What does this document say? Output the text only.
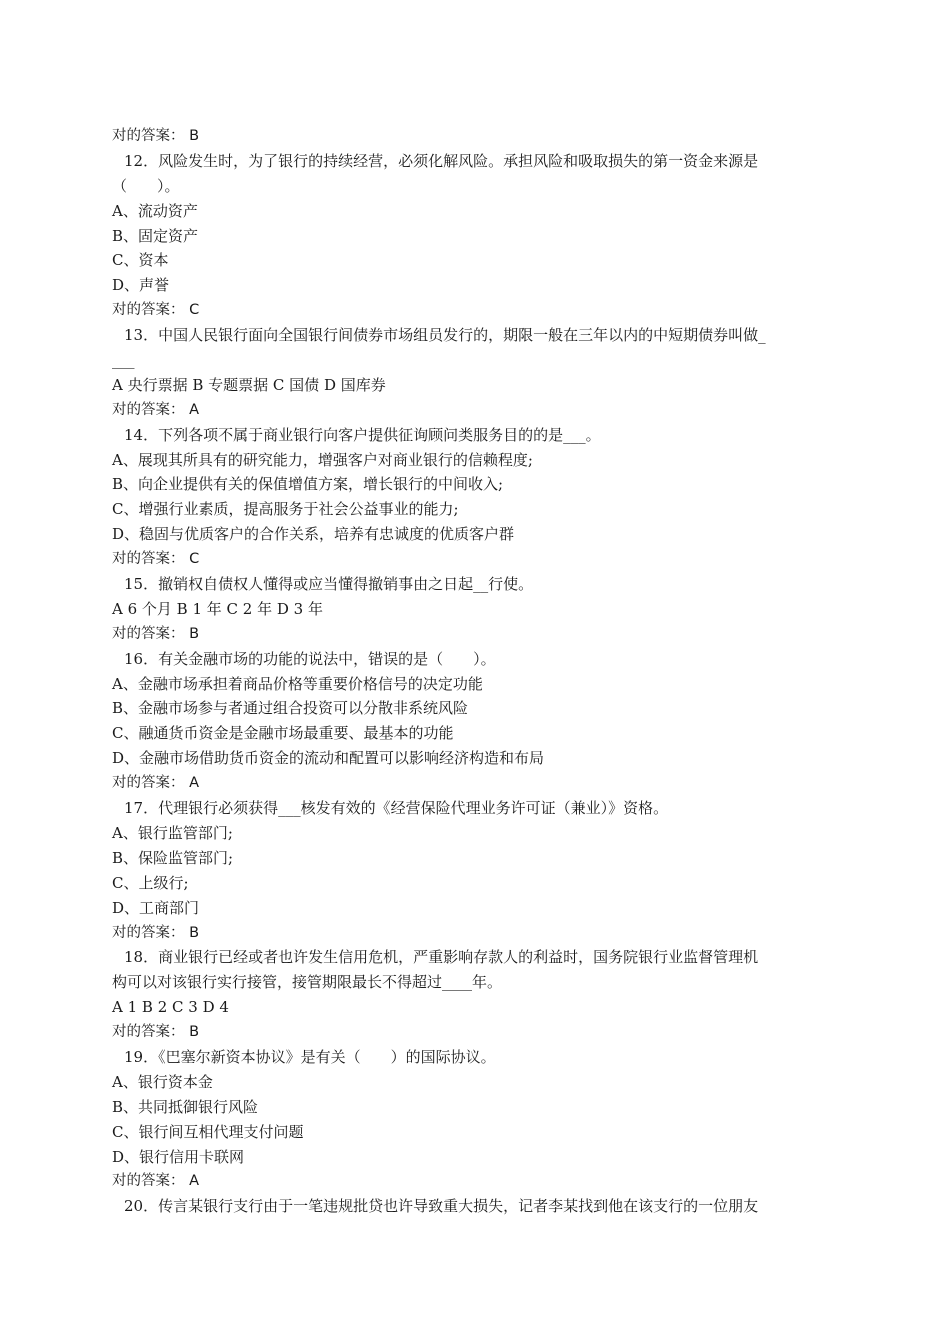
对的答案： B
12．风险发生时，为了银行的持续经营，必须化解风险。承担风险和吸取损失的第一资金来源是
（　　）。
A、流动资产
B、固定资产
C、资本
D、声誉
对的答案： C
13．中国人民银行面向全国银行间债券市场组员发行的，期限一般在三年以内的中短期债券叫做_
___
A 央行票据 B 专题票据 C 国债 D 国库券
对的答案： A
14．下列各项不属于商业银行向客户提供征询顾问类服务目的的是___。
A、展现其所具有的研究能力，增强客户对商业银行的信赖程度;
B、向企业提供有关的保值增值方案，增长银行的中间收入;
C、增强行业素质，提高服务于社会公益事业的能力;
D、稳固与优质客户的合作关系，培养有忠诚度的优质客户群
对的答案： C
15．撤销权自债权人懂得或应当懂得撤销事由之日起__行使。
A 6 个月 B 1 年 C 2 年 D 3 年
对的答案： B
16．有关金融市场的功能的说法中，错误的是（　　）。
A、金融市场承担着商品价格等重要价格信号的决定功能
B、金融市场参与者通过组合投资可以分散非系统风险
C、融通货币资金是金融市场最重要、最基本的功能
D、金融市场借助货币资金的流动和配置可以影响经济构造和布局
对的答案： A
17．代理银行必须获得___核发有效的《经营保险代理业务许可证（兼业）》资格。
A、银行监管部门;
B、保险监管部门;
C、上级行;
D、工商部门
对的答案： B
18．商业银行已经或者也许发生信用危机，严重影响存款人的利益时，国务院银行业监督管理机
构可以对该银行实行接管，接管期限最长不得超过____年。
A 1 B 2 C 3 D 4
对的答案： B
19．《巴塞尔新资本协议》是有关（　　）的国际协议。
A、银行资本金
B、共同抵御银行风险
C、银行间互相代理支付问题
D、银行信用卡联网
对的答案： A
20．传言某银行支行由于一笔违规批贷也许导致重大损失，记者李某找到他在该支行的一位朋友
